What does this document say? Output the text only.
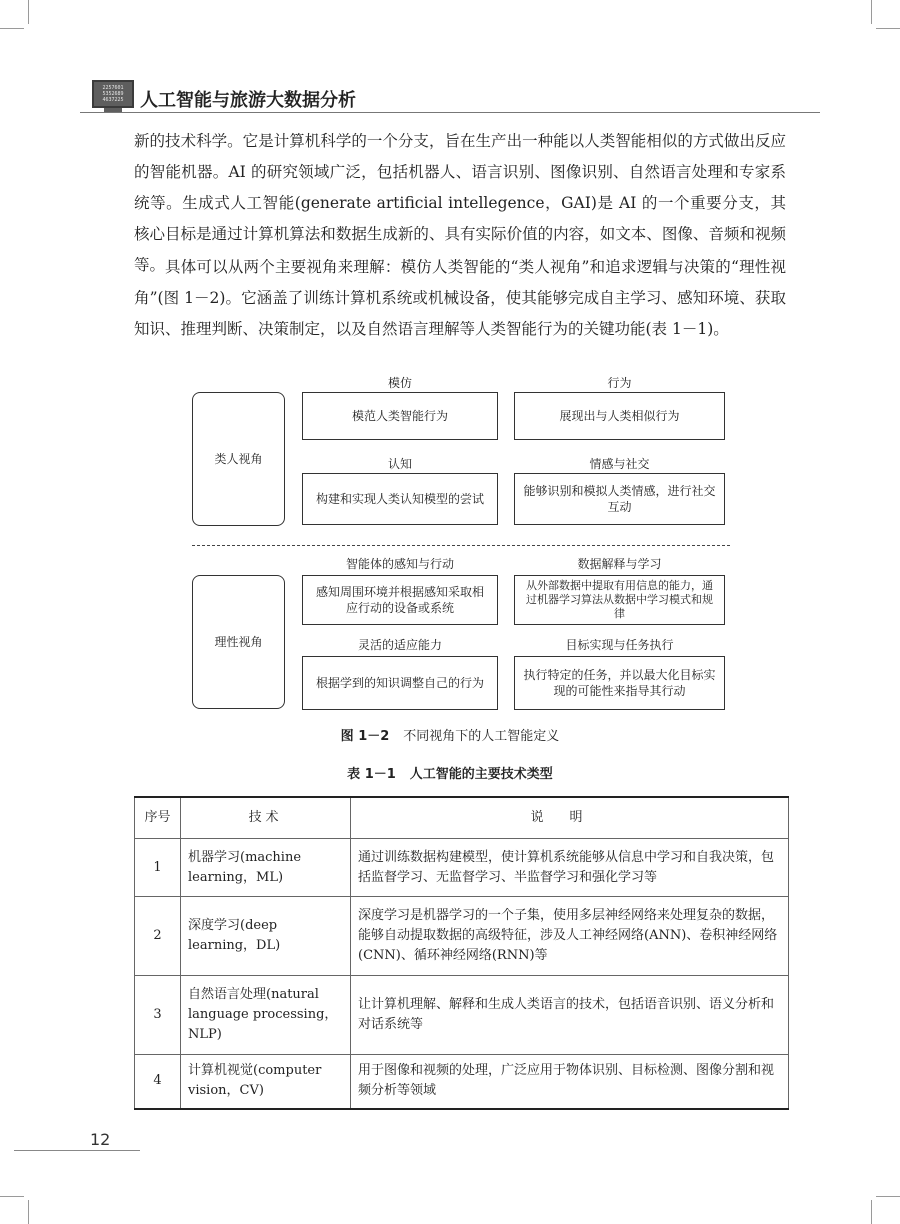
2257601
5352689
4637225 人工智能与旅游大数据分析

新的技术科学。它是计算机科学的一个分支，旨在生产出一种能以人类智能相似的方式做出反应的智能机器。AI 的研究领域广泛，包括机器人、语言识别、图像识别、自然语言处理和专家系统等。生成式人工智能(generate artificial intellegence，GAI)是 AI 的一个重要分支，其核心目标是通过计算机算法和数据生成新的、具有实际价值的内容，如文本、图像、音频和视频等。 具体可以从两个主要视角来理解：模仿人类智能的“类人视角”和追求逻辑与决策的“理性视角”(图 1－2)。它涵盖了训练计算机系统或机械设备，使其能够完成自主学习、感知环境、获取知识、推理判断、决策制定，以及自然语言理解等人类智能行为的关键功能(表 1－1)。

类人视角
模仿
模范人类智能行为
行为
展现出与人类相似行为
认知
构建和实现人类认知模型的尝试
情感与社交
能够识别和模拟人类情感，进行社交互动
理性视角
智能体的感知与行动
感知周围环境并根据感知采取相应行动的设备或系统
数据解释与学习
从外部数据中提取有用信息的能力，通过机器学习算法从数据中学习模式和规律
灵活的适应能力
根据学到的知识调整自己的行为
目标实现与任务执行
执行特定的任务，并以最大化目标实现的可能性来指导其行动
图 1－2 不同视角下的人工智能定义
表 1－1 人工智能的主要技术类型
序号	技术	说明
1	机器学习(machine learning，ML)	通过训练数据构建模型，使计算机系统能够从信息中学习和自我决策，包括监督学习、无监督学习、半监督学习和强化学习等
2	深度学习(deep learning，DL)	深度学习是机器学习的一个子集，使用多层神经网络来处理复杂的数据，能够自动提取数据的高级特征，涉及人工神经网络(ANN)、卷积神经网络(CNN)、循环神经网络(RNN)等
3	自然语言处理(natural language processing，NLP)	让计算机理解、解释和生成人类语言的技术，包括语音识别、语义分析和对话系统等
4	计算机视觉(computer vision，CV)	用于图像和视频的处理，广泛应用于物体识别、目标检测、图像分割和视频分析等领域
12
